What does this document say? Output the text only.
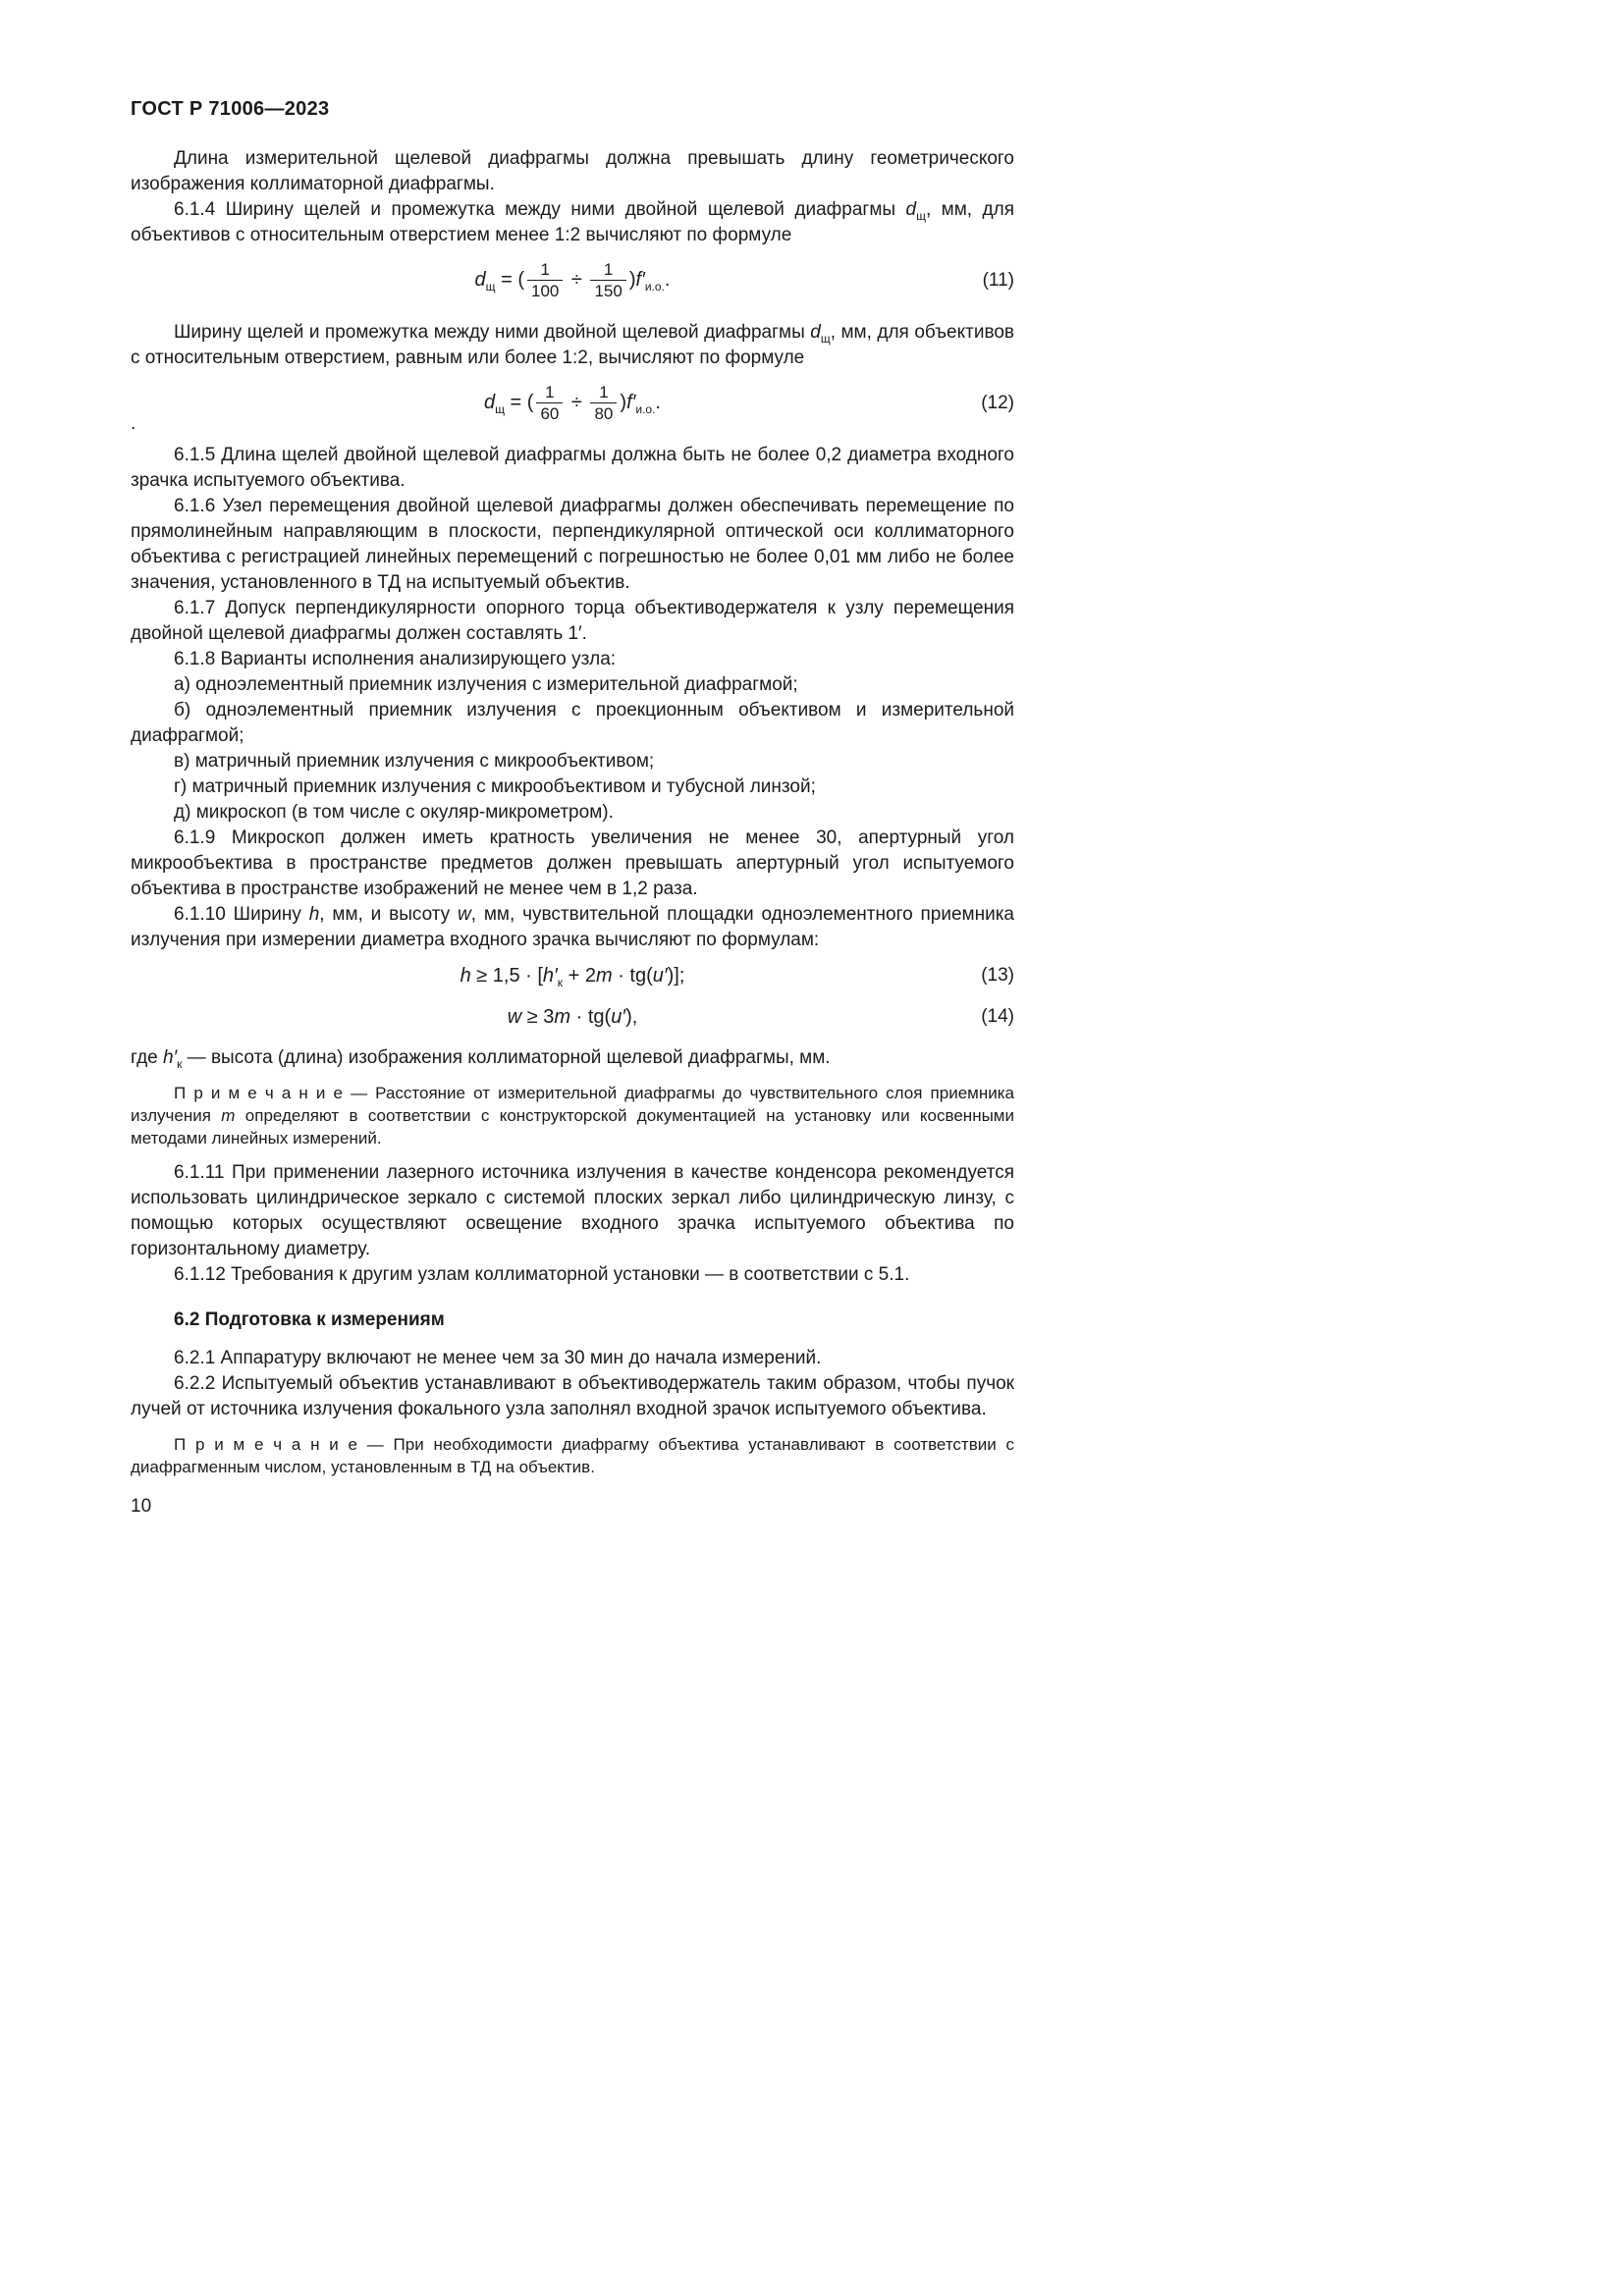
ГОСТ Р 71006—2023

Длина измерительной щелевой диафрагмы должна превышать длину геометрического изображения коллиматорной диафрагмы.

6.1.4 Ширину щелей и промежутка между ними двойной щелевой диафрагмы $d_щ$, мм, для объективов с относительным отверстием менее 1:2 вычисляют по формуле

$d_щ$ = ( $\frac{1}{100} \div \frac{1}{150} )f'_{и.о.}$.	(11)

Ширину щелей и промежутка между ними двойной щелевой диафрагмы $d_щ$, мм, для объективов с относительным отверстием, равным или более 1:2, вычисляют по формуле

$d_щ$ = ( $\frac{1}{60} \div \frac{1}{80} )f'_{и.о.}$.	(12)
.

6.1.5 Длина щелей двойной щелевой диафрагмы должна быть не более 0,2 диаметра входного зрачка испытуемого объектива.

6.1.6 Узел перемещения двойной щелевой диафрагмы должен обеспечивать перемещение по прямолинейным направляющим в плоскости, перпендикулярной оптической оси коллиматорного объектива с регистрацией линейных перемещений с погрешностью не более 0,01 мм либо не более значения, установленного в ТД на испытуемый объектив.

6.1.7 Допуск перпендикулярности опорного торца объективодержателя к узлу перемещения двойной щелевой диафрагмы должен составлять 1′.

6.1.8 Варианты исполнения анализирующего узла:

а) одноэлементный приемник излучения с измерительной диафрагмой;

б) одноэлементный приемник излучения с проекционным объективом и измерительной диафрагмой;

в) матричный приемник излучения с микрообъективом;

г) матричный приемник излучения с микрообъективом и тубусной линзой;

д) микроскоп (в том числе с окуляр-микрометром).

6.1.9 Микроскоп должен иметь кратность увеличения не менее 30, апертурный угол микрообъектива в пространстве предметов должен превышать апертурный угол испытуемого объектива в пространстве изображений не менее чем в 1,2 раза.

6.1.10 Ширину h, мм, и высоту w, мм, чувствительной площадки одноэлементного приемника излучения при измерении диаметра входного зрачка вычисляют по формулам:

$h \ge 1,5 \cdot [h'_к + 2m \cdot tg(u')]$;	(13)
w ≥ 3m · tg(u′),	(14)

где $h'_к$ — высота (длина) изображения коллиматорной щелевой диафрагмы, мм.

П р и м е ч а н и е — Расстояние от измерительной диафрагмы до чувствительного слоя приемника излучения m определяют в соответствии с конструкторской документацией на установку или косвенными методами линейных измерений.

6.1.11 При применении лазерного источника излучения в качестве конденсора рекомендуется использовать цилиндрическое зеркало с системой плоских зеркал либо цилиндрическую линзу, с помощью которых осуществляют освещение входного зрачка испытуемого объектива по горизонтальному диаметру.

6.1.12 Требования к другим узлам коллиматорной установки — в соответствии с 5.1.

6.2 Подготовка к измерениям

6.2.1 Аппаратуру включают не менее чем за 30 мин до начала измерений.

6.2.2 Испытуемый объектив устанавливают в объективодержатель таким образом, чтобы пучок лучей от источника излучения фокального узла заполнял входной зрачок испытуемого объектива.

П р и м е ч а н и е — При необходимости диафрагму объектива устанавливают в соответствии с диафрагменным числом, установленным в ТД на объектив.

10
